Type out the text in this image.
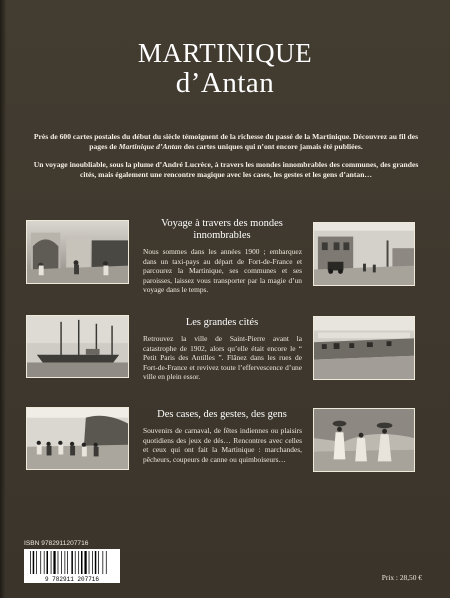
MARTINIQUE
d’Antan
Près de 600 cartes postales du début du siècle témoignent de la richesse du passé de la Martinique. Découvrez au fil des pages de Martinique d’Antan des cartes uniques qui n’ont encore jamais été publiées.
Un voyage inoubliable, sous la plume d’André Lucrèce, à travers les mondes innombrables des communes, des grandes cités, mais également une rencontre magique avec les cases, les gestes et les gens d’antan…
Voyage à travers des mondes
innombrables
Nous sommes dans les années 1900 ; embarquez dans un taxi-pays au départ de Fort-de-France et parcourez la Martinique, ses communes et ses paroisses, laissez vous transporter par la magie d’un voyage dans le temps.
Les grandes cités
Retrouvez la ville de Saint-Pierre avant la catastrophe de 1902, alors qu’elle était encore le “ Petit Paris des Antilles ”. Flânez dans les rues de Fort-de-France et revivez toute l’effervescence d’une ville en plein essor.
Des cases, des gestes, des gens
Souvenirs de carnaval, de fêtes indiennes ou plaisirs quotidiens des jeux de dés… Rencontres avec celles et ceux qui ont fait la Martinique : marchandes, pêcheurs, coupeurs de canne ou quimboiseurs…
ISBN 9782911207716
9 782911 207716	Prix : 28,50 €
